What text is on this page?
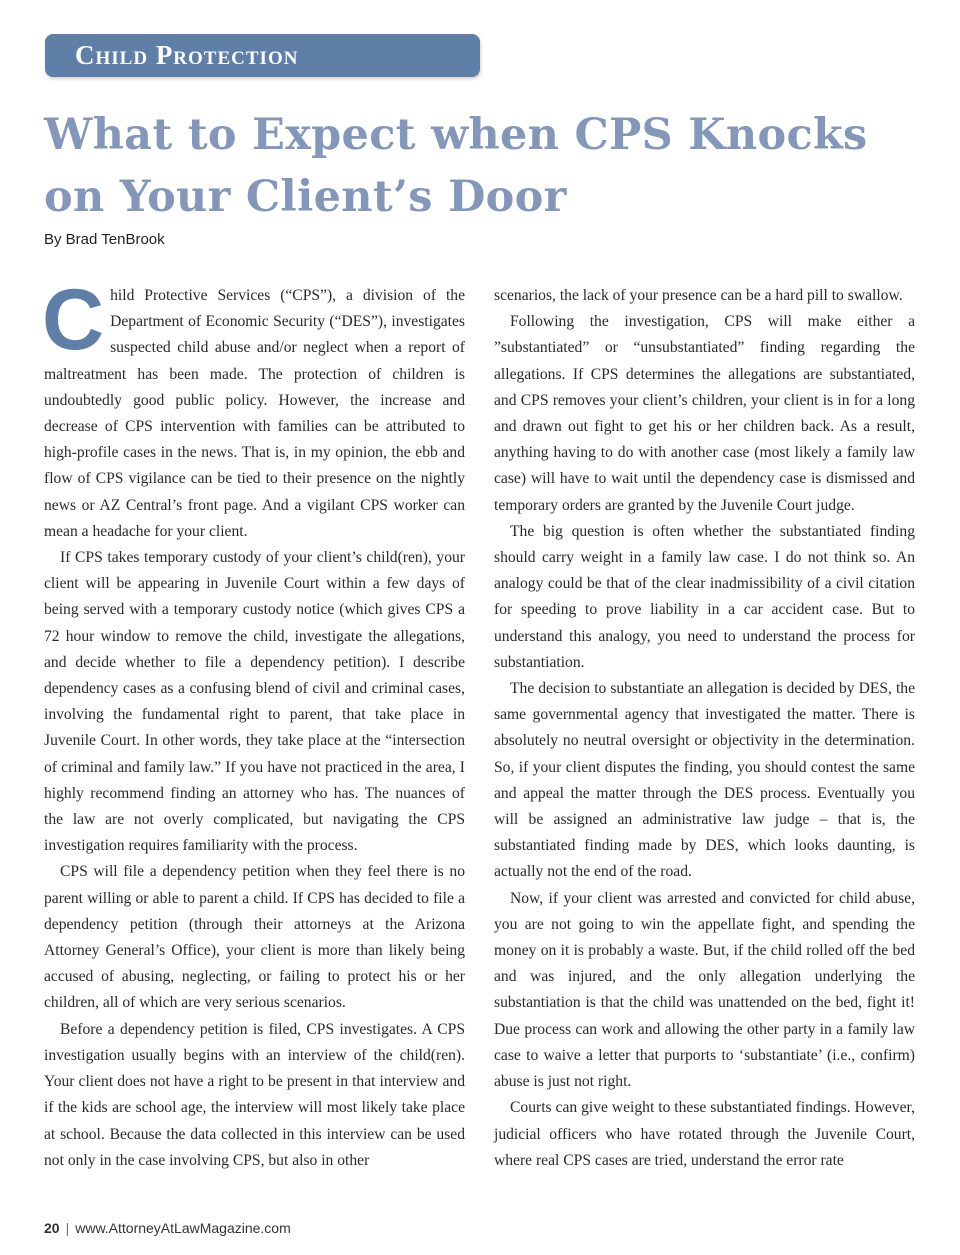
Child Protection
What to Expect when CPS Knocks on Your Client’s Door

By Brad TenBrook

Child Protective Services (“CPS”), a division of the Department of Economic Security (“DES”), investigates suspected child abuse and/or neglect when a report of maltreatment has been made. The protection of children is undoubtedly good public policy. However, the increase and decrease of CPS intervention with families can be attributed to high-profile cases in the news. That is, in my opinion, the ebb and flow of CPS vigilance can be tied to their presence on the nightly news or AZ Central’s front page. And a vigilant CPS worker can mean a headache for your client.

If CPS takes temporary custody of your client’s child(ren), your client will be appearing in Juvenile Court within a few days of being served with a temporary custody notice (which gives CPS a 72 hour window to remove the child, investigate the allegations, and decide whether to file a dependency petition). I describe dependency cases as a confusing blend of civil and criminal cases, involving the fundamental right to parent, that take place in Juvenile Court. In other words, they take place at the “intersection of criminal and family law.” If you have not practiced in the area, I highly recommend finding an attorney who has. The nuances of the law are not overly complicated, but navigating the CPS investigation requires familiarity with the process.

CPS will file a dependency petition when they feel there is no parent willing or able to parent a child. If CPS has decided to file a dependency petition (through their attorneys at the Arizona Attorney General’s Office), your client is more than likely being accused of abusing, neglecting, or failing to protect his or her children, all of which are very serious scenarios.

Before a dependency petition is filed, CPS investigates. A CPS investigation usually begins with an interview of the child(ren). Your client does not have a right to be present in that interview and if the kids are school age, the interview will most likely take place at school. Because the data collected in this interview can be used not only in the case involving CPS, but also in other

scenarios, the lack of your presence can be a hard pill to swallow.

Following the investigation, CPS will make either a ”substantiated” or “unsubstantiated” finding regarding the allegations. If CPS determines the allegations are substantiated, and CPS removes your client’s children, your client is in for a long and drawn out fight to get his or her children back. As a result, anything having to do with another case (most likely a family law case) will have to wait until the dependency case is dismissed and temporary orders are granted by the Juvenile Court judge.

The big question is often whether the substantiated finding should carry weight in a family law case. I do not think so. An analogy could be that of the clear inadmissibility of a civil citation for speeding to prove liability in a car accident case. But to understand this analogy, you need to understand the process for substantiation.

The decision to substantiate an allegation is decided by DES, the same governmental agency that investigated the matter. There is absolutely no neutral oversight or objectivity in the determination. So, if your client disputes the finding, you should contest the same and appeal the matter through the DES process. Eventually you will be assigned an administrative law judge – that is, the substantiated finding made by DES, which looks daunting, is actually not the end of the road.

Now, if your client was arrested and convicted for child abuse, you are not going to win the appellate fight, and spending the money on it is probably a waste. But, if the child rolled off the bed and was injured, and the only allegation underlying the substantiation is that the child was unattended on the bed, fight it! Due process can work and allowing the other party in a family law case to waive a letter that purports to ‘substantiate’ (i.e., confirm) abuse is just not right.

Courts can give weight to these substantiated findings. However, judicial officers who have rotated through the Juvenile Court, where real CPS cases are tried, understand the error rate

20 | www.AttorneyAtLawMagazine.com
